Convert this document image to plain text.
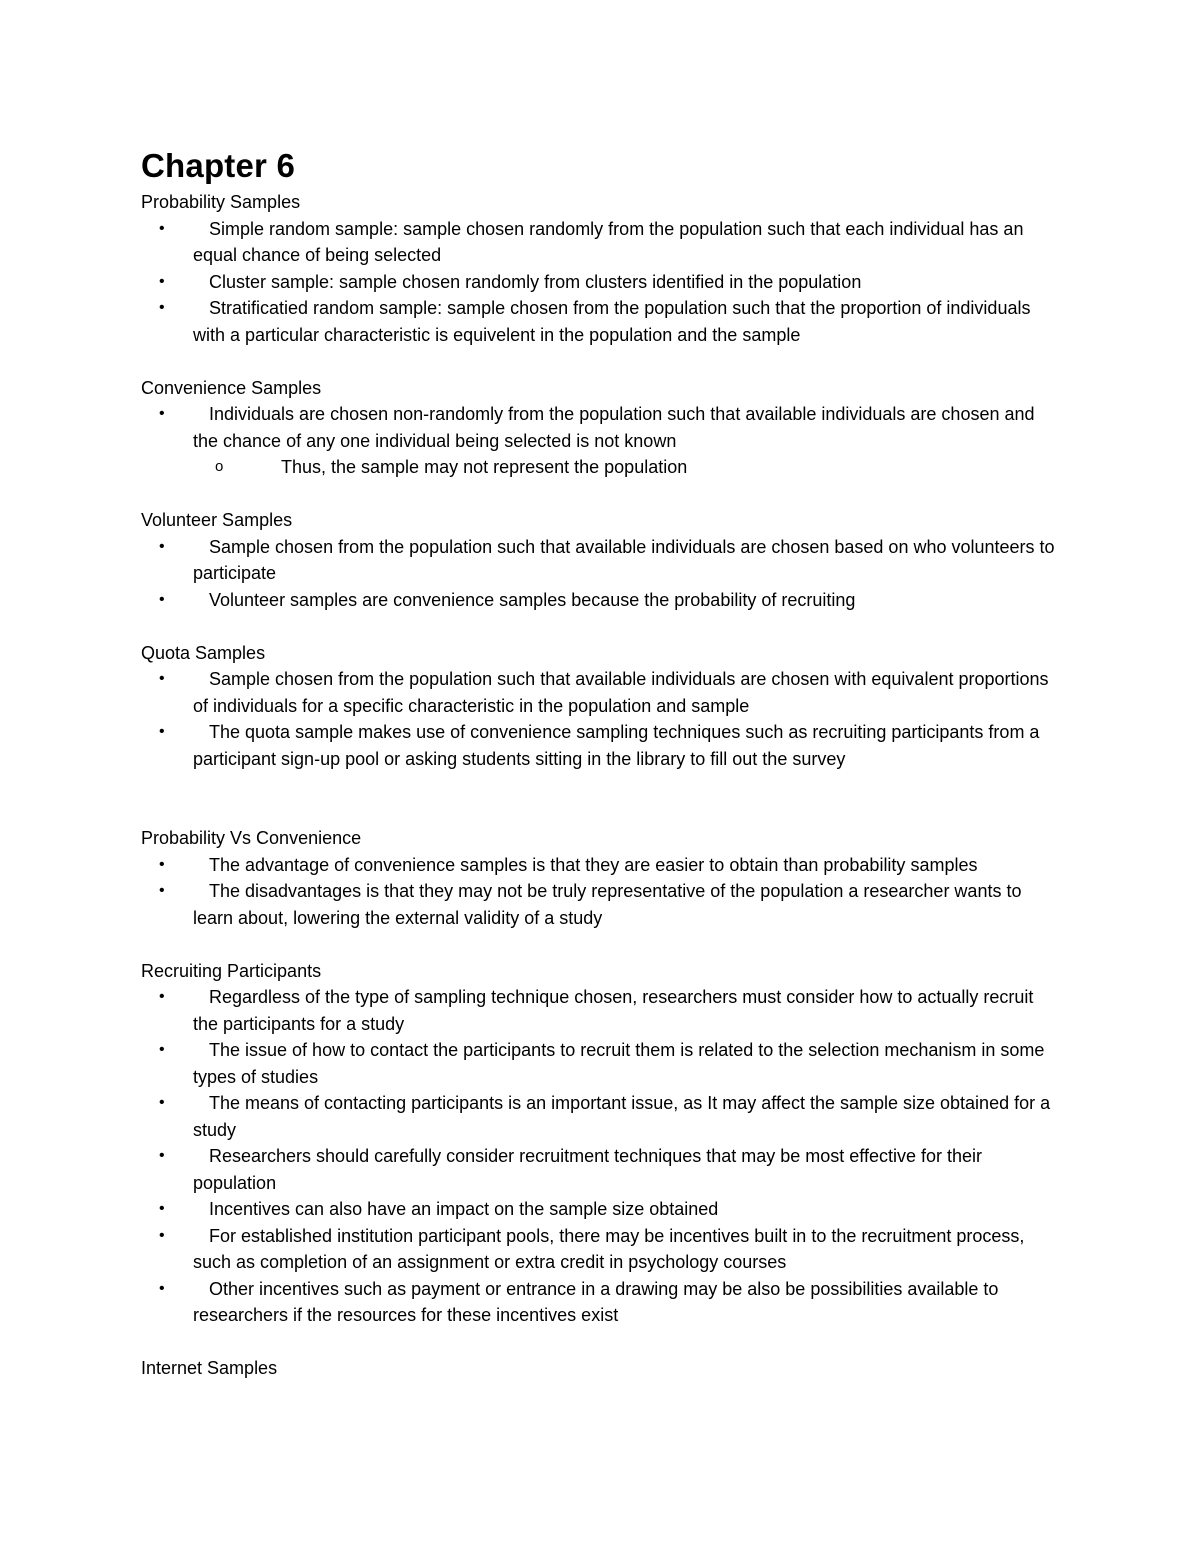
Chapter 6

Probability Samples

•	Simple random sample: sample chosen randomly from the population such that each individual has an equal chance of being selected
•	Cluster sample: sample chosen randomly from clusters identified in the population
•	Stratificatied random sample: sample chosen from the population such that the proportion of individuals with a particular characteristic is equivelent in the population and the sample

Convenience Samples

•	Individuals are chosen non-randomly from the population such that available individuals are chosen and the chance of any one individual being selected is not known
o	Thus, the sample may not represent the population

Volunteer Samples

•	Sample chosen from the population such that available individuals are chosen based on who volunteers to participate
•	Volunteer samples are convenience samples because the probability of recruiting

Quota Samples

•	Sample chosen from the population such that available individuals are chosen with equivalent proportions of individuals for a specific characteristic in the population and sample
•	The quota sample makes use of convenience sampling techniques such as recruiting participants from a participant sign-up pool or asking students sitting in the library to fill out the survey

Probability Vs Convenience

•	The advantage of convenience samples is that they are easier to obtain than probability samples
•	The disadvantages is that they may not be truly representative of the population a researcher wants to learn about, lowering the external validity of a study

Recruiting Participants

•	Regardless of the type of sampling technique chosen, researchers must consider how to actually recruit the participants for a study
•	The issue of how to contact the participants to recruit them is related to the selection mechanism in some types of studies
•	The means of contacting participants is an important issue, as It may affect the sample size obtained for a study
•	Researchers should carefully consider recruitment techniques that may be most effective for their population
•	Incentives can also have an impact on the sample size obtained
•	For established institution participant pools, there may be incentives built in to the recruitment process, such as completion of an assignment or extra credit in psychology courses
•	Other incentives such as payment or entrance in a drawing may be also be possibilities available to researchers if the resources for these incentives exist

Internet Samples
